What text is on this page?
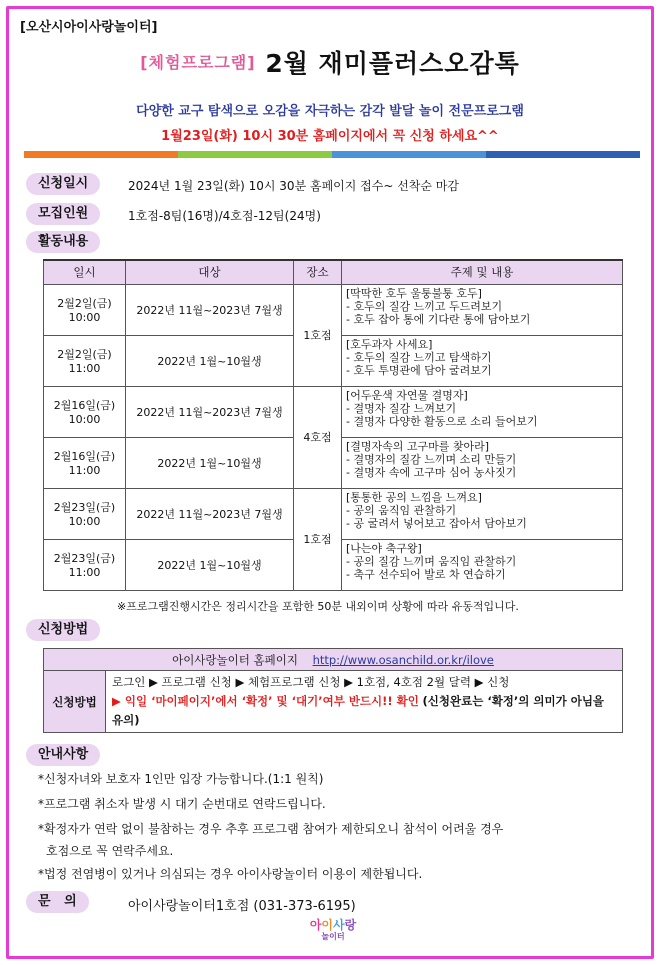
[오산시아이사랑놀이터]
[체험프로그램] 2월 재미플러스오감톡
다양한 교구 탐색으로 오감을 자극하는 감각 발달 놀이 전문프로그램
1월23일(화) 10시 30분 홈페이지에서 꼭 신청 하세요^^
신청일시	2024년 1월 23일(화) 10시 30분 홈페이지 접수~ 선착순 마감
모집인원	1호점-8팀(16명)/4호점-12팀(24명)
활동내용
일시	대상	장소	주제 및 내용

2월2일(금)
10:00	2022년 11월~2023년 7월생	1호점	[딱딱한 호두 울퉁불퉁 호두]
- 호두의 질감 느끼고 두드려보기
- 호두 잡아 통에 기다란 통에 담아보기

2월2일(금)
11:00	2022년 1월~10월생		[호두과자 사세요]
- 호두의 질감 느끼고 탐색하기
- 호두 투명관에 담아 굴려보기

2월16일(금)
10:00	2022년 11월~2023년 7월생	4호점	[어두운색 자연물 결명자]
- 결명자 질감 느껴보기
- 결명자 다양한 활동으로 소리 들어보기

2월16일(금)
11:00	2022년 1월~10월생		[결명자속의 고구마를 찾아라]
- 결명자의 질감 느끼며 소리 만들기
- 결명자 속에 고구마 심어 농사짓기

2월23일(금)
10:00	2022년 11월~2023년 7월생	1호점	[통통한 공의 느낌을 느껴요]
- 공의 움직임 관찰하기
- 공 굴려서 넣어보고 잡아서 담아보기

2월23일(금)
11:00	2022년 1월~10월생		[나는야 축구왕]
- 공의 질감 느끼며 움직임 관찰하기
- 축구 선수되어 발로 차 연습하기
※프로그램진행시간은 정리시간을 포함한 50분 내외이며 상황에 따라 유동적입니다.
신청방법
아이사랑놀이터 홈페이지 http://www.osanchild.or.kr/ilove
신청방법	로그인 ▶ 프로그램 신청 ▶ 체험프로그램 신청 ▶ 1호점, 4호점 2월 달력 ▶ 신청
▶ 익일 ‘마이페이지’에서 ‘확정’ 및 ‘대기’여부 반드시!! 확인 (신청완료는 ‘확정’의 의미가 아님을 유의)
안내사항
*신청자녀와 보호자 1인만 입장 가능합니다.(1:1 원칙)
*프로그램 취소자 발생 시 대기 순번대로 연락드립니다.
*확정자가 연락 없이 불참하는 경우 추후 프로그램 참여가 제한되오니 참석이 어려울 경우
호점으로 꼭 연락주세요.
*법정 전염병이 있거나 의심되는 경우 아이사랑놀이터 이용이 제한됩니다.
문   의	아이사랑놀이터1호점 (031-373-6195)
아이사랑
놀이터
